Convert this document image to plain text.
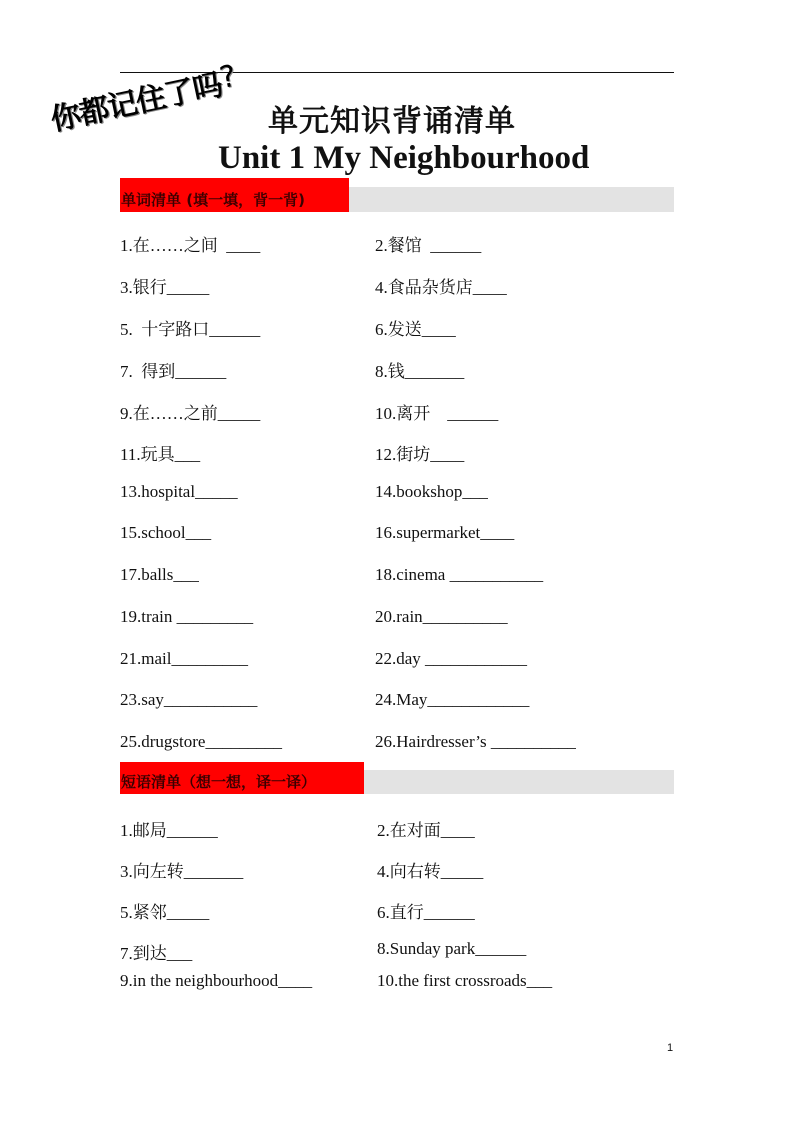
你都记住了吗?
单元知识背诵清单
Unit 1 My Neighbourhood
单词清单 (填一填，背一背)
1.在……之间  ____	2.餐馆  ______
3.银行_____	4.食品杂货店____
5.  十字路口______	6.发送____
7.  得到______	8.钱_______
9.在……之前_____	10.离开    ______
11.玩具___	12.街坊____
13.hospital_____	14.bookshop___
15.school___	16.supermarket____
17.balls___	18.cinema ___________
19.train _________	20.rain__________
21.mail_________	22.day ____________
23.say___________	24.May____________
25.drugstore_________	26.Hairdresser’s __________
短语清单（想一想，译一译）
1.邮局______	2.在对面____
3.向左转_______	4.向右转_____
5.紧邻_____	6.直行______
7.到达___	8.Sunday park______
9.in the neighbourhood____	10.the first crossroads___
1
